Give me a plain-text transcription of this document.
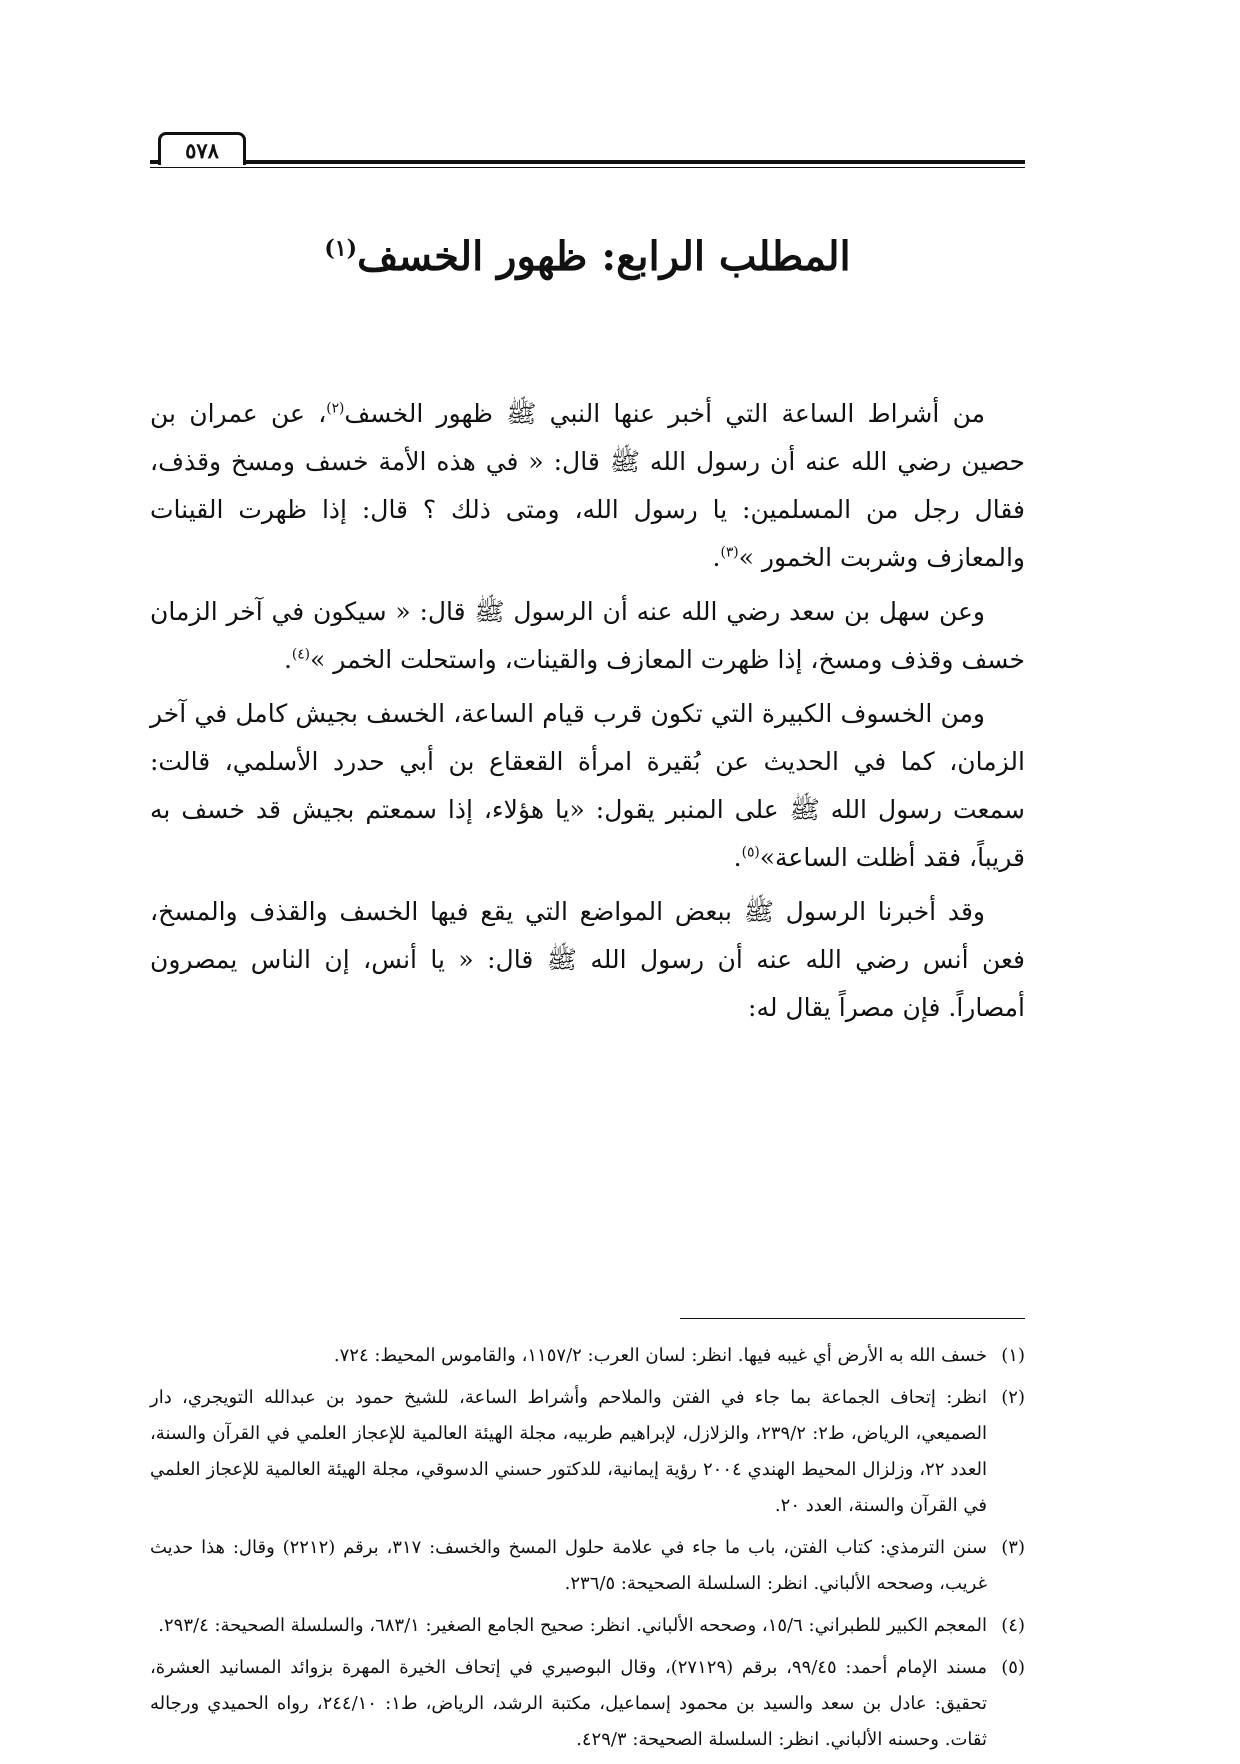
٥٧٨
المطلب الرابع: ظهور الخسف$^{(١)}$

من أشراط الساعة التي أخبر عنها النبي ﷺ ظهور الخسف$^{(٢)}$، عن عمران بن حصين رضي الله عنه أن رسول الله ﷺ قال: « في هذه الأمة خسف ومسخ وقذف، فقال رجل من المسلمين: يا رسول الله، ومتى ذلك ؟ قال: إذا ظهرت القينات والمعازف وشربت الخمور »$^{(٣)}$.

وعن سهل بن سعد رضي الله عنه أن الرسول ﷺ قال: « سيكون في آخر الزمان خسف وقذف ومسخ، إذا ظهرت المعازف والقينات، واستحلت الخمر »$^{(٤)}$.

ومن الخسوف الكبيرة التي تكون قرب قيام الساعة، الخسف بجيش كامل في آخر الزمان، كما في الحديث عن بُقيرة امرأة القعقاع بن أبي حدرد الأسلمي، قالت: سمعت رسول الله ﷺ على المنبر يقول: «يا هؤلاء، إذا سمعتم بجيش قد خسف به قريباً، فقد أظلت الساعة»$^{(٥)}$.

وقد أخبرنا الرسول ﷺ ببعض المواضع التي يقع فيها الخسف والقذف والمسخ، فعن أنس رضي الله عنه أن رسول الله ﷺ قال: « يا أنس، إن الناس يمصرون أمصاراً. فإن مصراً يقال له:

(١)خسف الله به الأرض أي غيبه فيها. انظر: لسان العرب: ١١٥٧/٢، والقاموس المحيط: ٧٢٤.
(٢)انظر: إتحاف الجماعة بما جاء في الفتن والملاحم وأشراط الساعة، للشيخ حمود بن عبدالله التويجري، دار الصميعي، الرياض، ط٢: ٢٣٩/٢، والزلازل، لإبراهيم طربيه، مجلة الهيئة العالمية للإعجاز العلمي في القرآن والسنة، العدد ٢٢، وزلزال المحيط الهندي ٢٠٠٤ رؤية إيمانية، للدكتور حسني الدسوقي، مجلة الهيئة العالمية للإعجاز العلمي في القرآن والسنة، العدد ٢٠.
(٣)سنن الترمذي: كتاب الفتن، باب ما جاء في علامة حلول المسخ والخسف: ٣١٧، برقم (٢٢١٢) وقال: هذا حديث غريب، وصححه الألباني. انظر: السلسلة الصحيحة: ٢٣٦/٥.
(٤)المعجم الكبير للطبراني: ١٥/٦، وصححه الألباني. انظر: صحيح الجامع الصغير: ٦٨٣/١، والسلسلة الصحيحة: ٢٩٣/٤.
(٥)مسند الإمام أحمد: ٩٩/٤٥، برقم (٢٧١٢٩)، وقال البوصيري في إتحاف الخيرة المهرة بزوائد المسانيد العشرة، تحقيق: عادل بن سعد والسيد بن محمود إسماعيل، مكتبة الرشد، الرياض، ط١: ٢٤٤/١٠، رواه الحميدي ورجاله ثقات. وحسنه الألباني. انظر: السلسلة الصحيحة: ٤٢٩/٣.
